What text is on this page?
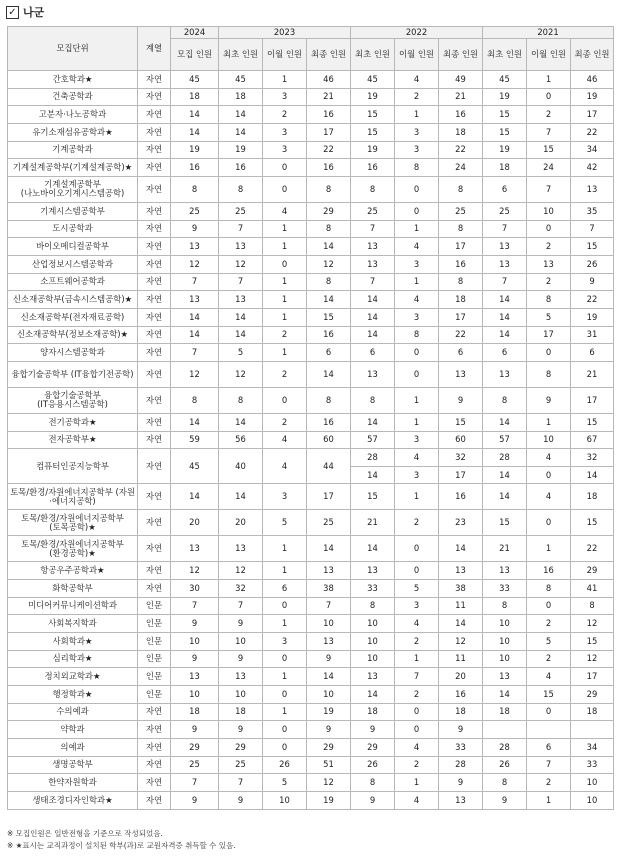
✓ 나군
모집단위	계열	2024	2023			2022			2021		
		모집 인원	최초 인원	이월 인원	최종 인원	최초 인원	이월 인원	최종 인원	최초 인원	이월 인원	최종 인원
간호학과★	자연	45	45	1	46	45	4	49	45	1	46
건축공학과	자연	18	18	3	21	19	2	21	19	0	19
고분자·나노공학과	자연	14	14	2	16	15	1	16	15	2	17
유기소재섬유공학과★	자연	14	14	3	17	15	3	18	15	7	22
기계공학과	자연	19	19	3	22	19	3	22	19	15	34
기계설계공학부(기계설계공학)★	자연	16	16	0	16	16	8	24	18	24	42
기계설계공학부 (나노바이오기계시스템공학)	자연	8	8	0	8	8	0	8	6	7	13
기계시스템공학부	자연	25	25	4	29	25	0	25	25	10	35
도시공학과	자연	9	7	1	8	7	1	8	7	0	7
바이오메디컬공학부	자연	13	13	1	14	13	4	17	13	2	15
산업정보시스템공학과	자연	12	12	0	12	13	3	16	13	13	26
소프트웨어공학과	자연	7	7	1	8	7	1	8	7	2	9
신소재공학부(금속시스템공학)★	자연	13	13	1	14	14	4	18	14	8	22
신소재공학부(전자재료공학)	자연	14	14	1	15	14	3	17	14	5	19
신소재공학부(정보소재공학)★	자연	14	14	2	16	14	8	22	14	17	31
양자시스템공학과	자연	7	5	1	6	6	0	6	6	0	6
융합기술공학부 (IT융합기전공학)	자연	12	12	2	14	13	0	13	13	8	21
융합기술공학부 (IT응용시스템공학)	자연	8	8	0	8	8	1	9	8	9	17
전기공학과★	자연	14	14	2	16	14	1	15	14	1	15
전자공학부★	자연	59	56	4	60	57	3	60	57	10	67
컴퓨터인공지능학부	자연	45	40	4	44	28	4	32	28	4	32
						14	3	17	14	0	14
토목/환경/자원에너지공학부 (자원·에너지공학)	자연	14	14	3	17	15	1	16	14	4	18
토목/환경/자원에너지공학부 (토목공학)★	자연	20	20	5	25	21	2	23	15	0	15
토목/환경/자원에너지공학부 (환경공학)★	자연	13	13	1	14	14	0	14	21	1	22
항공우주공학과★	자연	12	12	1	13	13	0	13	13	16	29
화학공학부	자연	30	32	6	38	33	5	38	33	8	41
미디어커뮤니케이션학과	인문	7	7	0	7	8	3	11	8	0	8
사회복지학과	인문	9	9	1	10	10	4	14	10	2	12
사회학과★	인문	10	10	3	13	10	2	12	10	5	15
심리학과★	인문	9	9	0	9	10	1	11	10	2	12
정치외교학과★	인문	13	13	1	14	13	7	20	13	4	17
행정학과★	인문	10	10	0	10	14	2	16	14	15	29
수의예과	자연	18	18	1	19	18	0	18	18	0	18
약학과	자연	9	9	0	9	9	0	9			
의예과	자연	29	29	0	29	29	4	33	28	6	34
생명공학부	자연	25	25	26	51	26	2	28	26	7	33
한약자원학과	자연	7	7	5	12	8	1	9	8	2	10
생태조경디자인학과★	자연	9	9	10	19	9	4	13	9	1	10
※ 모집인원은 일반전형을 기준으로 작성되었음.
※ ★표시는 교직과정이 설치된 학부(과)로 교원자격증 취득할 수 있음.
